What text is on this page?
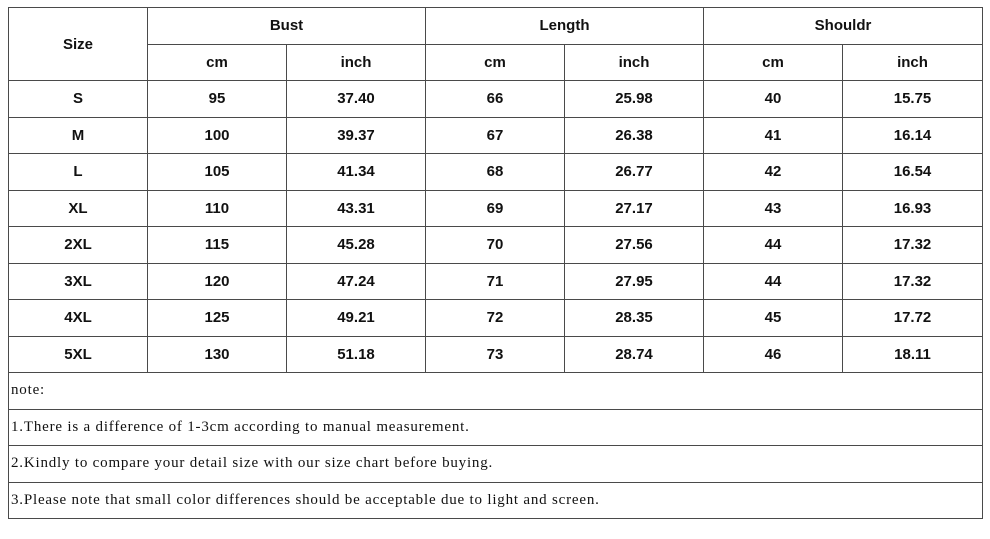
Size	Bust		Length		Shouldr	
	cm	inch	cm	inch	cm	inch
S	95	37.40	66	25.98	40	15.75
M	100	39.37	67	26.38	41	16.14
L	105	41.34	68	26.77	42	16.54
XL	110	43.31	69	27.17	43	16.93
2XL	115	45.28	70	27.56	44	17.32
3XL	120	47.24	71	27.95	44	17.32
4XL	125	49.21	72	28.35	45	17.72
5XL	130	51.18	73	28.74	46	18.11
note:						
1.There is a difference of 1-3cm according to manual measurement.						
2.Kindly to compare your detail size with our size chart before buying.						
3.Please note that small color differences should be acceptable due to light and screen.						
